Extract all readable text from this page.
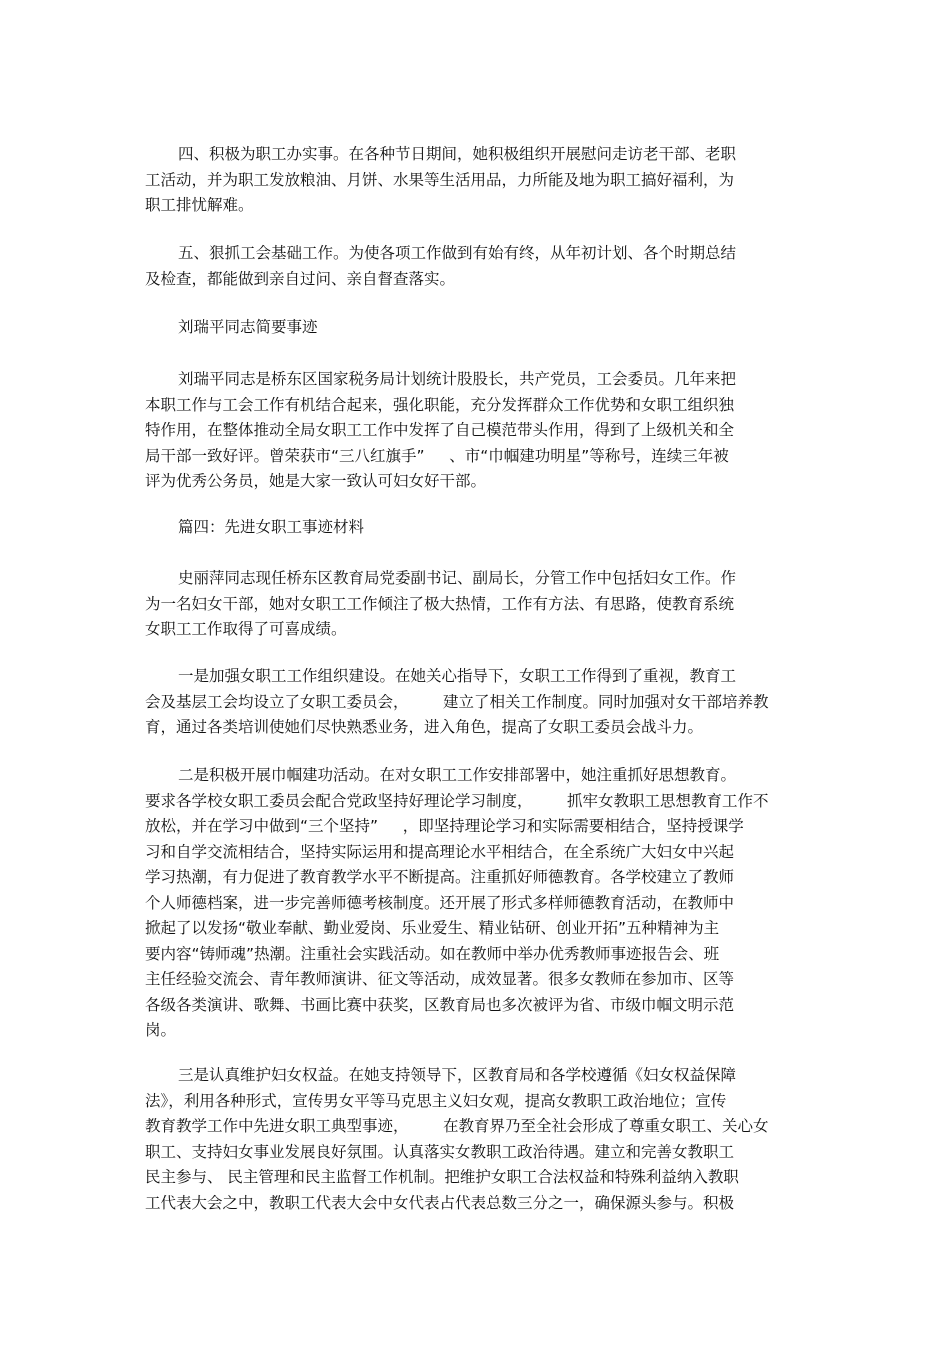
四、积极为职工办实事。在各种节日期间，她积极组织开展慰问走访老干部、老职
工活动，并为职工发放粮油、月饼、水果等生活用品，力所能及地为职工搞好福利，为
职工排忧解难。
五、狠抓工会基础工作。为使各项工作做到有始有终，从年初计划、各个时期总结
及检查，都能做到亲自过问、亲自督查落实。
刘瑞平同志简要事迹
刘瑞平同志是桥东区国家税务局计划统计股股长，共产党员，工会委员。几年来把
本职工作与工会工作有机结合起来，强化职能，充分发挥群众工作优势和女职工组织独
特作用，在整体推动全局女职工工作中发挥了自己模范带头作用，得到了上级机关和全
局干部一致好评。曾荣获市“三八红旗手”     、市“巾帼建功明星”等称号，连续三年被
评为优秀公务员，她是大家一致认可妇女好干部。
篇四：先进女职工事迹材料
史丽萍同志现任桥东区教育局党委副书记、副局长，分管工作中包括妇女工作。作
为一名妇女干部，她对女职工工作倾注了极大热情，工作有方法、有思路，使教育系统
女职工工作取得了可喜成绩。
一是加强女职工工作组织建设。在她关心指导下，女职工工作得到了重视，教育工
会及基层工会均设立了女职工委员会，       建立了相关工作制度。同时加强对女干部培养教
育，通过各类培训使她们尽快熟悉业务，进入角色，提高了女职工委员会战斗力。
二是积极开展巾帼建功活动。在对女职工工作安排部署中，她注重抓好思想教育。
要求各学校女职工委员会配合党政坚持好理论学习制度，       抓牢女教职工思想教育工作不
放松，并在学习中做到“三个坚持”     ，即坚持理论学习和实际需要相结合，坚持授课学
习和自学交流相结合，坚持实际运用和提高理论水平相结合，在全系统广大妇女中兴起
学习热潮，有力促进了教育教学水平不断提高。注重抓好师德教育。各学校建立了教师
个人师德档案，进一步完善师德考核制度。还开展了形式多样师德教育活动，在教师中
掀起了以发扬“敬业奉献、勤业爱岗、乐业爱生、精业钻研、创业开拓”五种精神为主
要内容“铸师魂”热潮。注重社会实践活动。如在教师中举办优秀教师事迹报告会、班
主任经验交流会、青年教师演讲、征文等活动，成效显著。很多女教师在参加市、区等
各级各类演讲、歌舞、书画比赛中获奖，区教育局也多次被评为省、市级巾帼文明示范
岗。
三是认真维护妇女权益。在她支持领导下，区教育局和各学校遵循《妇女权益保障
法》，利用各种形式，宣传男女平等马克思主义妇女观，提高女教职工政治地位；宣传
教育教学工作中先进女职工典型事迹，       在教育界乃至全社会形成了尊重女职工、关心女
职工、支持妇女事业发展良好氛围。认真落实女教职工政治待遇。建立和完善女教职工
民主参与、 民主管理和民主监督工作机制。把维护女职工合法权益和特殊利益纳入教职
工代表大会之中，教职工代表大会中女代表占代表总数三分之一，确保源头参与。积极
